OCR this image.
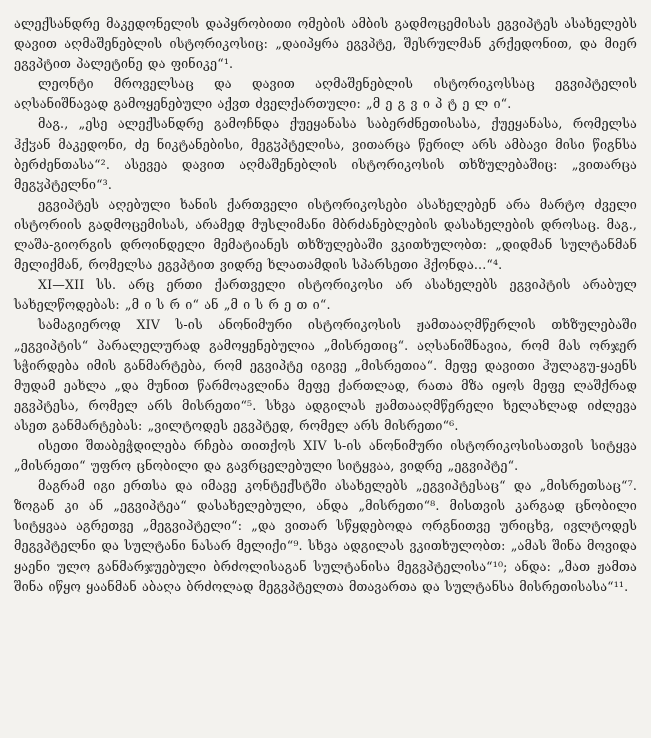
ალექსანდრე მაკედონელის დაპყრობითი ომების ამბის გადმოცემისას ეგვიპტეს ასახელებს დავით აღმაშენებლის ისტორიკოსიც: „დაიპყრა ეგვპტე, შესრულმან კრქედონით, და მიერ ეგვპტით პალეტინე და ფინიკე“¹.

ლეონტი მროველსაც და დავით აღმაშენებლის ისტორიკოსსაც ეგვიპტელის აღსანიშნავად გამოყენებული აქვთ ძველქართული: „მ ე გ ვ ი პ ტ ე ლ ი“.

მაგ., „ესე ალექსანდრე გამოჩნდა ქუეყანასა საბერძნეთისასა, ქუეყანასა, რომელსა ჰქჳან მაკედონი, ძე ნიკტანებისი, მეგჳპტელისა, ვითარცა წერილ არს ამბავი მისი წიგნსა ბერძენთასა“². ასევეა დავით აღმაშენებლის ისტორიკოსის თხზულებაშიც: „ვითარცა მეგჳპტელნი“³.

ეგვიპტეს აღებული ხანის ქართველი ისტორიკოსები ასახელებენ არა მარტო ძველი ისტორიის გადმოცემისას, არამედ მუსლიმანი მბრძანებლების დასახელების დროსაც. მაგ., ლაშა-გიორგის დროინდელი მემატიანეს თხზულებაში ვკითხულობთ: „დიდმან სულტანმან მელიქმან, რომელსა ეგვპტით ვიდრე ხლათამდის სპარსეთი ჰქონდა...“⁴.

XI—XII სს. არც ერთი ქართველი ისტორიკოსი არ ასახელებს ეგვიპტის არაბულ სახელწოდებას: „მ ი ს რ ი“ ან „მ ი ს რ ე თ ი“.

სამაგიეროდ XIV ს-ის ანონიმური ისტორიკოსის ჟამთააღმწერლის თხზულებაში „ეგვიპტის“ პარალელურად გამოყენებულია „მისრეთიც“. აღსანიშნავია, რომ მას ორჯერ სჭირდება იმის განმარტება, რომ ეგვიპტე იგივე „მისრეთია“. მეფე დავითი ჰულაგუ-ყაენს მუდამ ეახლა „და მუნით წარმოავლინა მეფე ქართლად, რათა მზა იყოს მეფე ლაშქრად ეგვპტესა, რომელ არს მისრეთი“⁵. სხვა ადგილას ჟამთააღმწერელი ხელახლად იძლევა ასეთ განმარტებას: „ვილტოდეს ეგვპტედ, რომელ არს მისრეთი“⁶.

ისეთი შთაბეჭდილება რჩება თითქოს XIV ს-ის ანონიმური ისტორიკოსისათვის სიტყვა „მისრეთი“ უფრო ცნობილი და გავრცელებული სიტყვაა, ვიდრე „ეგვიპტე“.

მაგრამ იგი ერთსა და იმავე კონტექსტში ასახელებს „ეგვიპტესაც“ და „მისრეთსაც“⁷. ზოგან კი ან „ეგვიპტეა“ დასახელებული, ანდა „მისრეთი“⁸. მისთვის კარგად ცნობილი სიტყვაა აგრეთვე „მეგვიპტელი“: „და ვითარ სწყდებოდა ორგნითვე ურიცხვ, ივლტოდეს მეგვპტელნი და სულტანი ნასარ მელიქი“⁹. სხვა ადგილას ვკითხულობთ: „ამას შინა მოვიდა ყაენი ულო განმარჯუებული ბრძოლისაგან სულტანისა მეგვპტელისა“¹⁰; ანდა: „მათ ჟამთა შინა იწყო ყაანმან აბაღა ბრძოლად მეგვპტელთა მთავართა და სულტანსა მისრეთისასა“¹¹.
